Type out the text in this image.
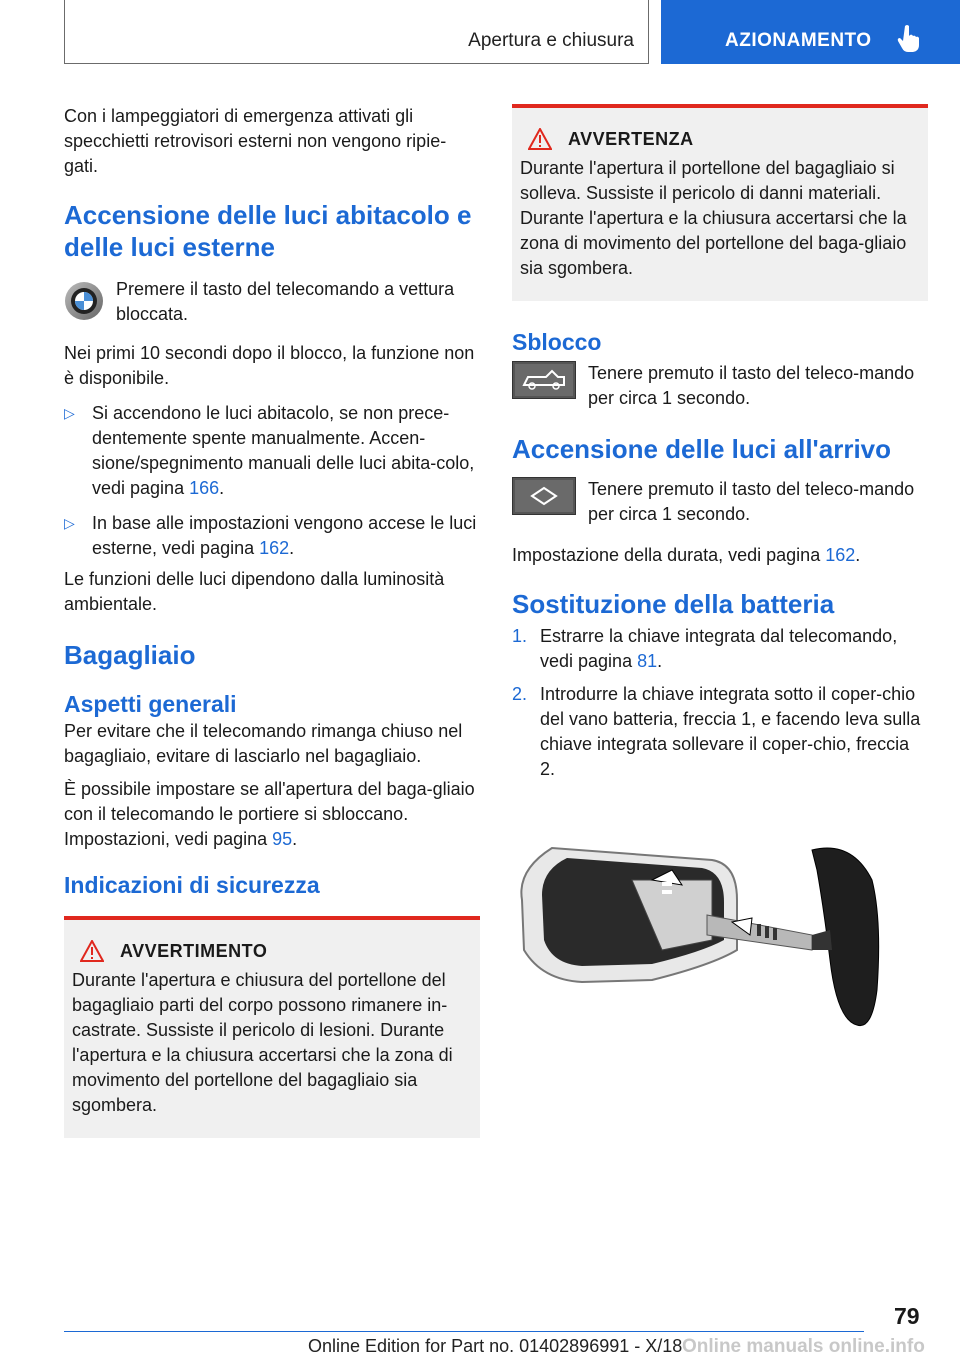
Apertura e chiusura	AZIONAMENTO

Con i lampeggiatori di emergenza attivati gli specchietti retrovisori esterni non vengono ripie-gati.

Accensione delle luci abitacolo e delle luci esterne

Premere il tasto del telecomando a vettura bloccata.

Nei primi 10 secondi dopo il blocco, la funzione non è disponibile.

▷ Si accendono le luci abitacolo, se non prece-dentemente spente manualmente. Accen-sione/spegnimento manuali delle luci abita-colo, vedi pagina 166.

▷ In base alle impostazioni vengono accese le luci esterne, vedi pagina 162.

Le funzioni delle luci dipendono dalla luminosità ambientale.

Bagagliaio
Aspetti generali

Per evitare che il telecomando rimanga chiuso nel bagagliaio, evitare di lasciarlo nel bagagliaio.

È possibile impostare se all'apertura del baga-gliaio con il telecomando le portiere si sbloccano. Impostazioni, vedi pagina 95.

Indicazioni di sicurezza
AVVERTIMENTO

Durante l'apertura e chiusura del portellone del bagagliaio parti del corpo possono rimanere in-castrate. Sussiste il pericolo di lesioni. Durante l'apertura e la chiusura accertarsi che la zona di movimento del portellone del bagagliaio sia sgombera.

AVVERTENZA

Durante l'apertura il portellone del bagagliaio si solleva. Sussiste il pericolo di danni materiali. Durante l'apertura e la chiusura accertarsi che la zona di movimento del portellone del baga-gliaio sia sgombera.

Sblocco

Tenere premuto il tasto del teleco-mando per circa 1 secondo.

Accensione delle luci all'arrivo

Tenere premuto il tasto del teleco-mando per circa 1 secondo.

Impostazione della durata, vedi pagina 162.

Sostituzione della batteria
1. Estrarre la chiave integrata dal telecomando, vedi pagina 81.

2. Introdurre la chiave integrata sotto il coper-chio del vano batteria, freccia 1, e facendo leva sulla chiave integrata sollevare il coper-chio, freccia 2.

79
Online Edition for Part no. 01402896991 - X/18 Online manuals online.info
